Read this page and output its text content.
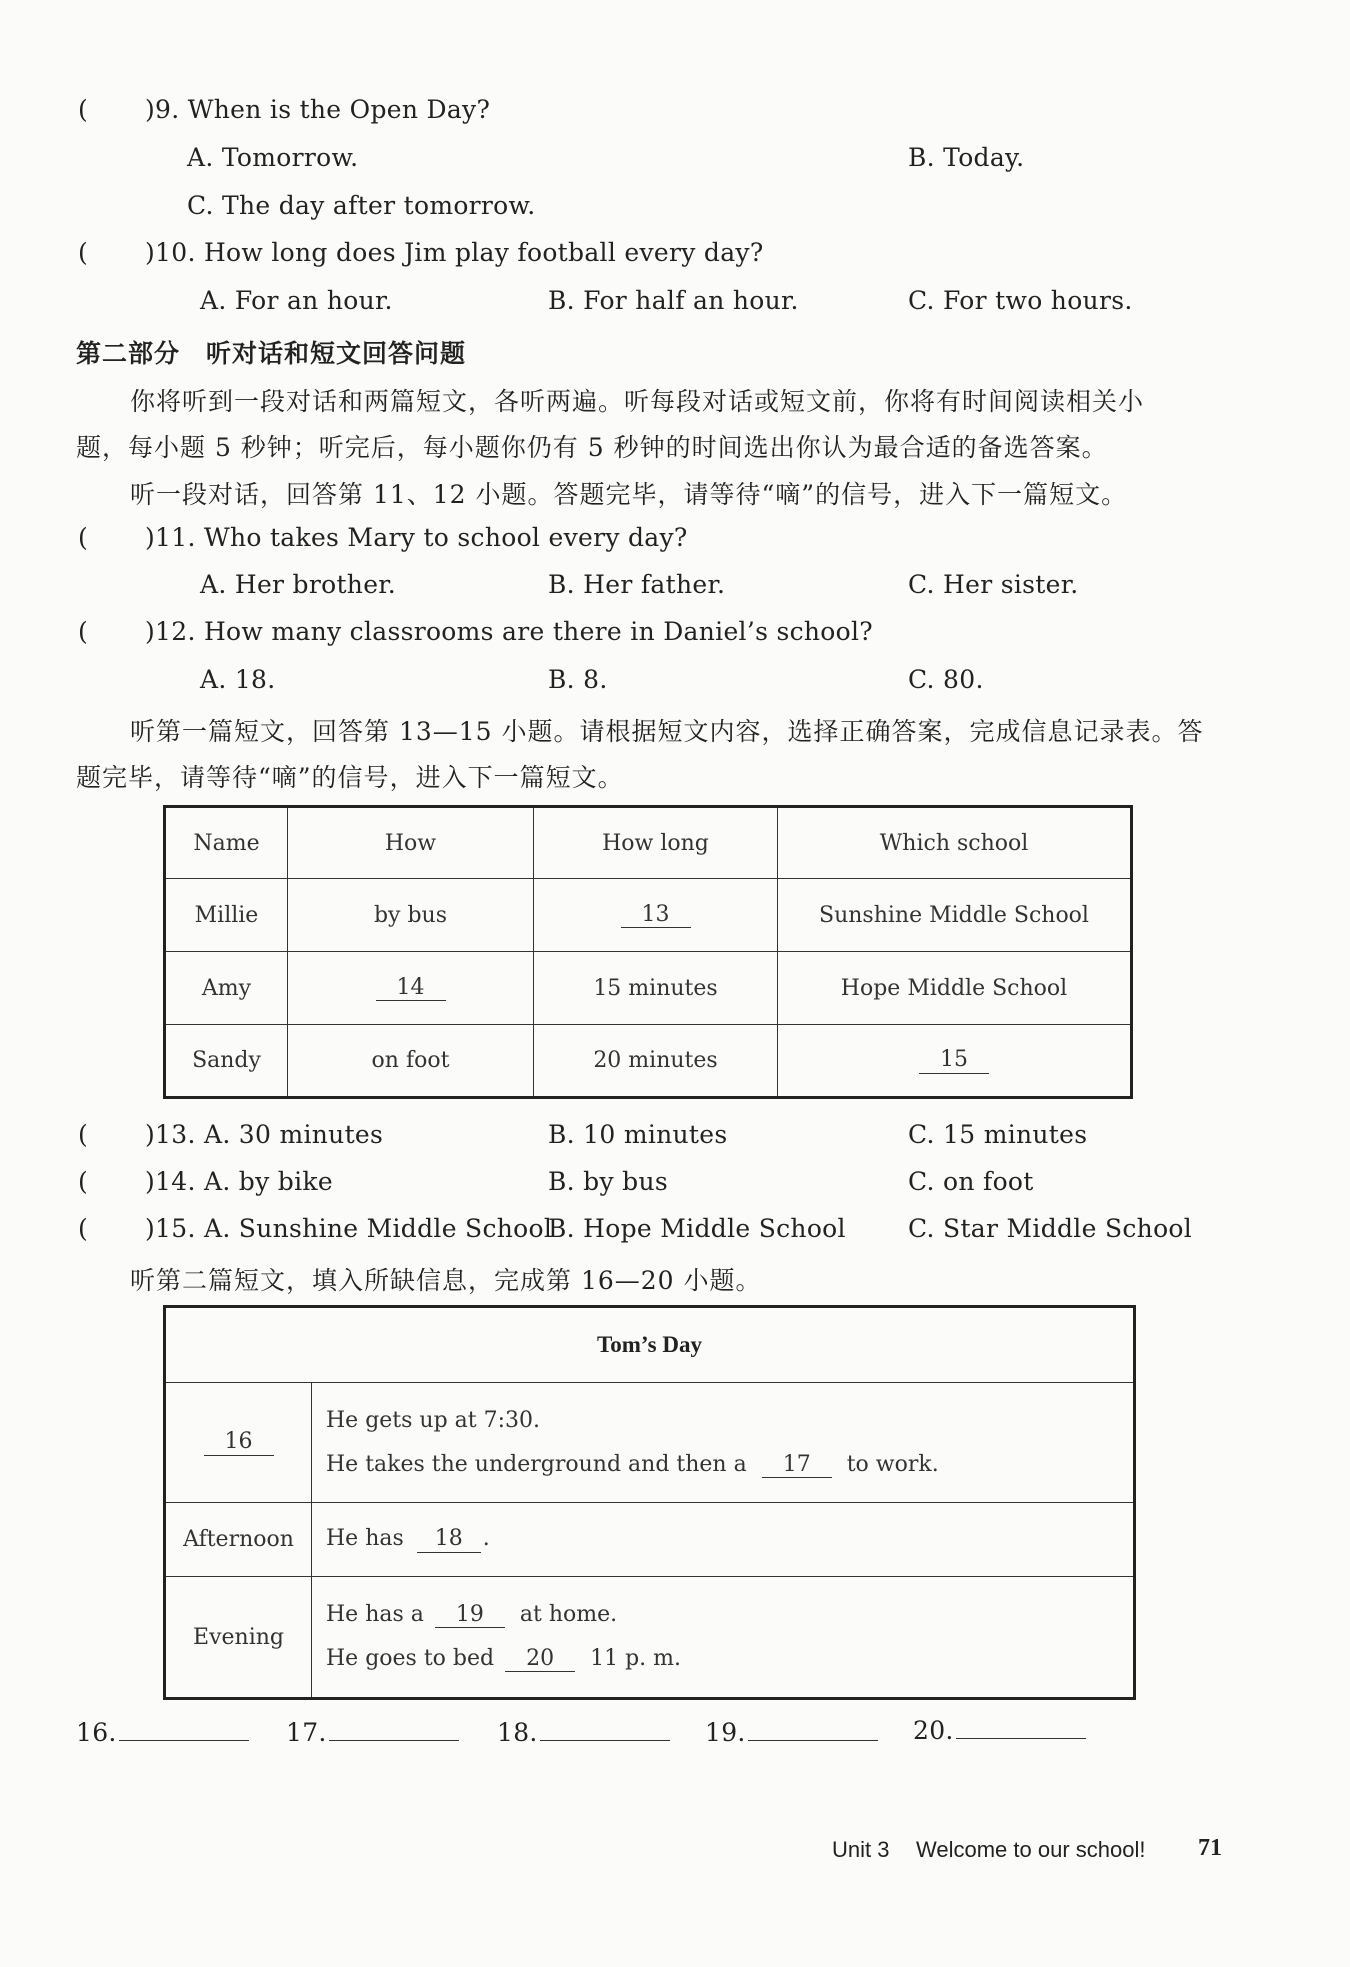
( )9. When is the Open Day?
A. Tomorrow.	B. Today.
C. The day after tomorrow.
( )10. How long does Jim play football every day?
A. For an hour.	B. For half an hour.	C. For two hours.
第二部分　听对话和短文回答问题
你将听到一段对话和两篇短文，各听两遍。听每段对话或短文前，你将有时间阅读相关小
题，每小题 5 秒钟；听完后，每小题你仍有 5 秒钟的时间选出你认为最合适的备选答案。
听一段对话，回答第 11、12 小题。答题完毕，请等待“嘀”的信号，进入下一篇短文。
( )11. Who takes Mary to school every day?
A. Her brother.	B. Her father.	C. Her sister.
( )12. How many classrooms are there in Daniel’s school?
A. 18.	B. 8.	C. 80.
听第一篇短文，回答第 13—15 小题。请根据短文内容，选择正确答案，完成信息记录表。答
题完毕，请等待“嘀”的信号，进入下一篇短文。
Name	How	How long	Which school
Millie	by bus	13	Sunshine Middle School
Amy	14	15 minutes	Hope Middle School
Sandy	on foot	20 minutes	15
( )13. A. 30 minutes	B. 10 minutes	C. 15 minutes
( )14. A. by bike	B. by bus	C. on foot
( )15. A. Sunshine Middle School
B. Hope Middle School C. Star Middle School
听第二篇短文，填入所缺信息，完成第 16—20 小题。
Tom’s Day	
16	He gets up at 7:30.
He takes the underground and then a 17 to work.

Afternoon	He has 18 .
Evening	He has a 19 at home.
He goes to bed 20 11 p. m.
16.	17.	18.	19.	20.
Unit 3 Welcome to our school! 71
